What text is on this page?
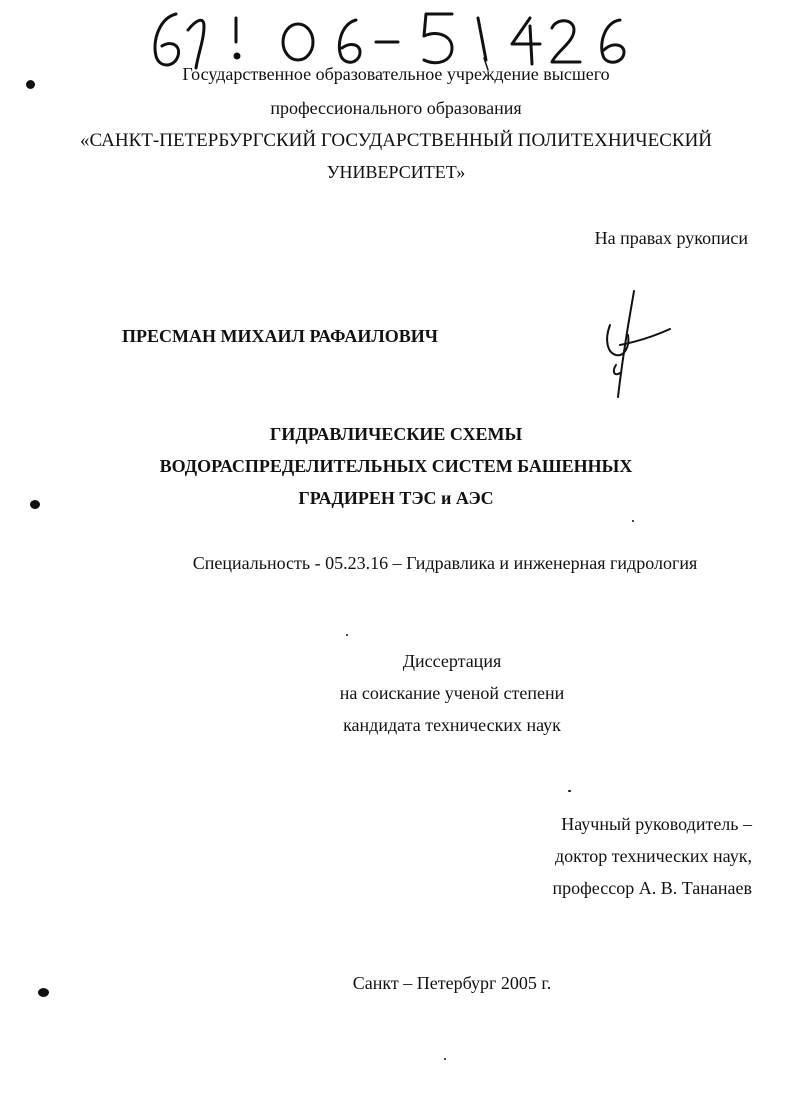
Государственное образовательное учреждение высшего
профессионального образования
«САНКТ-ПЕТЕРБУРГСКИЙ ГОСУДАРСТВЕННЫЙ ПОЛИТЕХНИЧЕСКИЙ
УНИВЕРСИТЕТ»
На правах рукописи
ПРЕСМАН МИХАИЛ РАФАИЛОВИЧ
ГИДРАВЛИЧЕСКИЕ СХЕМЫ
ВОДОРАСПРЕДЕЛИТЕЛЬНЫХ СИСТЕМ БАШЕННЫХ
ГРАДИРЕН ТЭС и АЭС
Специальность - 05.23.16 – Гидравлика и инженерная гидрология
Диссертация
на соискание ученой степени
кандидата технических наук
Научный руководитель –
доктор технических наук,
профессор А. В. Тананаев
Санкт – Петербург 2005 г.
